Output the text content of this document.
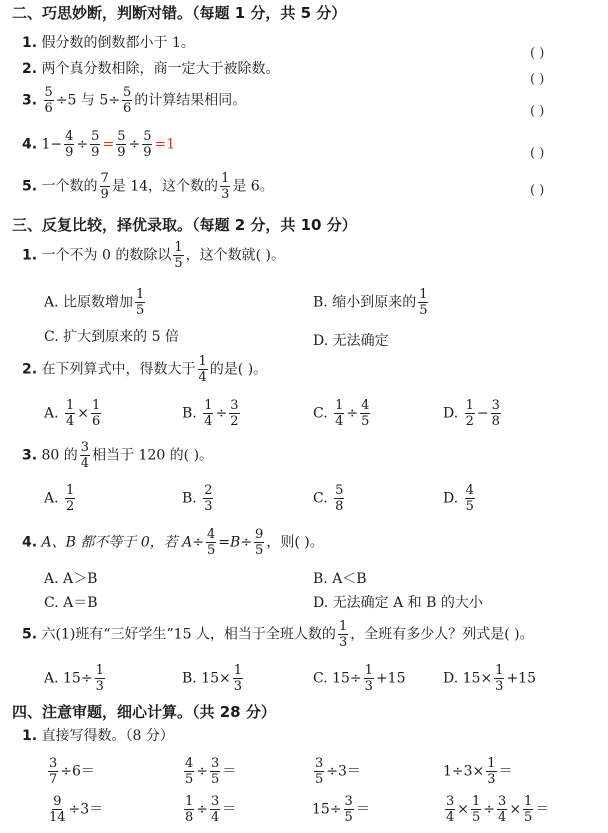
二、巧思妙断，判断对错。（每题 1 分，共 5 分）
1. 假分数的倒数都小于 1。
( )
2. 两个真分数相除，商一定大于被除数。
( )
3. $\frac{5}{6} \div 5$ 与 $5\div \frac{5}{6}$ 的计算结果相同。
( )
4. $1- \frac{4}{9} \div \frac{5}{9} = \frac{5}{9} \div \frac{5}{9} =1$
( )
5. 一个数的 $\frac{7}{9}$ 是 14，这个数的 $\frac{1}{3}$ 是 6。	( )
三、反复比较，择优录取。（每题 2 分，共 10 分）
1. 一个不为 0 的数除以 $\frac{1}{5}$ ，这个数就( )。
A. 比原数增加 $\frac{1}{5}$	B. 缩小到原来的 $\frac{1}{5}$
C. 扩大到原来的 5 倍	D. 无法确定
2. 在下列算式中，得数大于 $\frac{1}{4}$ 的是( )。
A. $\frac{1}{4} \times \frac{1}{6}$	B. $\frac{1}{4} \div \frac{3}{2}$	C. $\frac{1}{4} \div \frac{4}{5}$	D. $\frac{1}{2} - \frac{3}{8}$
3. 80 的 $\frac{3}{4}$ 相当于 120 的( )。
A. $\frac{1}{2}$	B. $\frac{2}{3}$	C. $\frac{5}{8}$	D. $\frac{4}{5}$
4. A、B 都不等于 0，若 $A\div \frac{4}{5} =B\div \frac{9}{5}$ ，则( )。
A. A＞B	B. A＜B
C. A＝B	D. 无法确定 A 和 B 的大小
5. 六(1)班有“三好学生”15 人，相当于全班人数的 $\frac{1}{3}$ ，全班有多少人？列式是( )。
A. $15\div \frac{1}{3}$	B. $15\times \frac{1}{3}$	C. $15\div \frac{1}{3} +15$	D. $15\times \frac{1}{3} +15$
四、注意审题，细心计算。（共 28 分）
1. 直接写得数。（8 分）
$\frac{3}{7} \div 6=$	$\frac{4}{5} \div \frac{3}{5}$ ＝	$\frac{3}{5} \div 3=$	$1\div 3\times \frac{1}{3}$ ＝
$\frac{9}{14} \div 3=$	$\frac{1}{8} \div \frac{3}{4}$ ＝	$15\div \frac{3}{5}$ ＝	$\frac{3}{4} \times \frac{1}{5} \div \frac{3}{4} \times \frac{1}{5}$ ＝
